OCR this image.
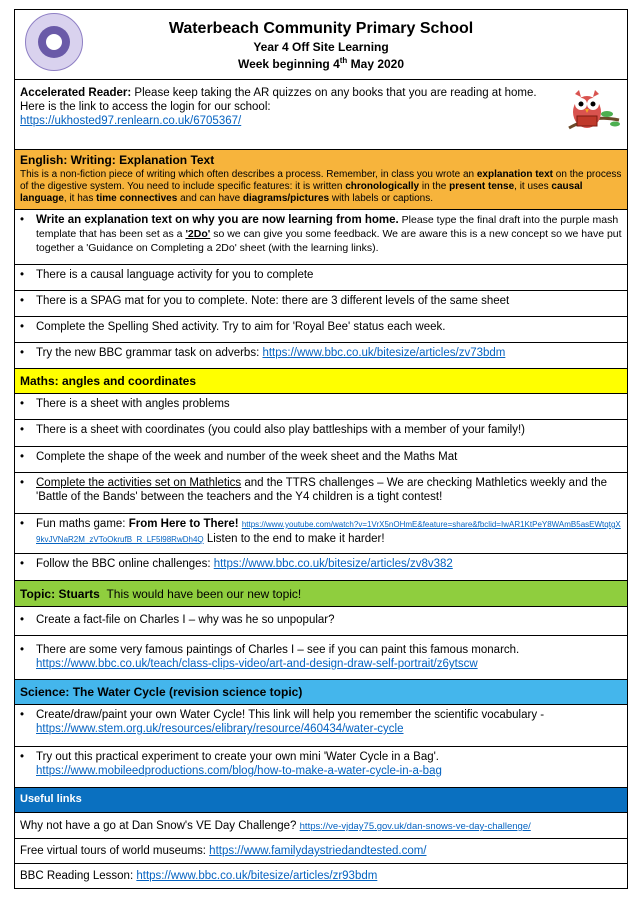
Waterbeach Community Primary School
Year 4 Off Site Learning
Week beginning 4th May 2020
Accelerated Reader: Please keep taking the AR quizzes on any books that you are reading at home. Here is the link to access the login for our school:
https://ukhosted97.renlearn.co.uk/6705367/
English: Writing: Explanation Text
This is a non-fiction piece of writing which often describes a process. Remember, in class you wrote an explanation text on the process of the digestive system. You need to include specific features: it is written chronologically in the present tense, it uses causal language, it has time connectives and can have diagrams/pictures with labels or captions.
•	Write an explanation text on why you are now learning from home. Please type the final draft into the purple mash template that has been set as a '2Do' so we can give you some feedback. We are aware this is a new concept so we have put together a 'Guidance on Completing a 2Do' sheet (with the learning links).
•	There is a causal language activity for you to complete
•	There is a SPAG mat for you to complete. Note: there are 3 different levels of the same sheet
•	Complete the Spelling Shed activity. Try to aim for 'Royal Bee' status each week.
•	Try the new BBC grammar task on adverbs: https://www.bbc.co.uk/bitesize/articles/zv73bdm
Maths: angles and coordinates
•	There is a sheet with angles problems
•	There is a sheet with coordinates (you could also play battleships with a member of your family!)
•	Complete the shape of the week and number of the week sheet and the Maths Mat
•	Complete the activities set on Mathletics and the TTRS challenges – We are checking Mathletics weekly and the 'Battle of the Bands' between the teachers and the Y4 children is a tight contest!
•	Fun maths game: From Here to There! https://www.youtube.com/watch?v=1VrX5nOHmE&feature=share&fbclid=IwAR1KtPeY8WAmB5asEWtqtgX9kvJVNaR2M_zVToOkrufB_R_LF5l98RwDh4Q Listen to the end to make it harder!
•	Follow the BBC online challenges: https://www.bbc.co.uk/bitesize/articles/zv8v382
Topic: Stuarts This would have been our new topic!
•	Create a fact-file on Charles I – why was he so unpopular?
•	There are some very famous paintings of Charles I – see if you can paint this famous monarch.
https://www.bbc.co.uk/teach/class-clips-video/art-and-design-draw-self-portrait/z6ytscw
Science: The Water Cycle (revision science topic)
•	Create/draw/paint your own Water Cycle! This link will help you remember the scientific vocabulary - https://www.stem.org.uk/resources/elibrary/resource/460434/water-cycle
•	Try out this practical experiment to create your own mini 'Water Cycle in a Bag'.
https://www.mobileedproductions.com/blog/how-to-make-a-water-cycle-in-a-bag
Useful links
Why not have a go at Dan Snow's VE Day Challenge? https://ve-vjday75.gov.uk/dan-snows-ve-day-challenge/
Free virtual tours of world museums: https://www.familydaystriedandtested.com/
BBC Reading Lesson: https://www.bbc.co.uk/bitesize/articles/zr93bdm
